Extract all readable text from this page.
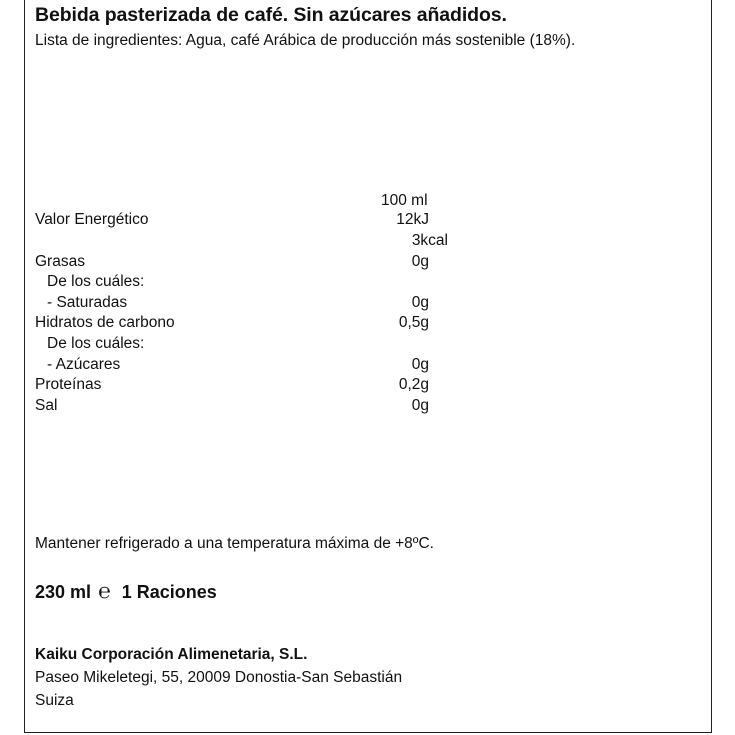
Bebida pasterizada de café. Sin azúcares añadidos.
Lista de ingredientes: Agua, café Arábica de producción más sostenible (18%).
100 ml
Valor Energético	12kJ
3kcal
Grasas	0g
De los cuáles:
- Saturadas	0g
Hidratos de carbono	0,5g
De los cuáles:
- Azúcares	0g
Proteínas	0,2g
Sal	0g
Mantener refrigerado a una temperatura máxima de +8ºC.
230 ml ℮ 1 Raciones
Kaiku Corporación Alimenetaria, S.L.
Paseo Mikeletegi, 55, 20009 Donostia-San Sebastián
Suiza
